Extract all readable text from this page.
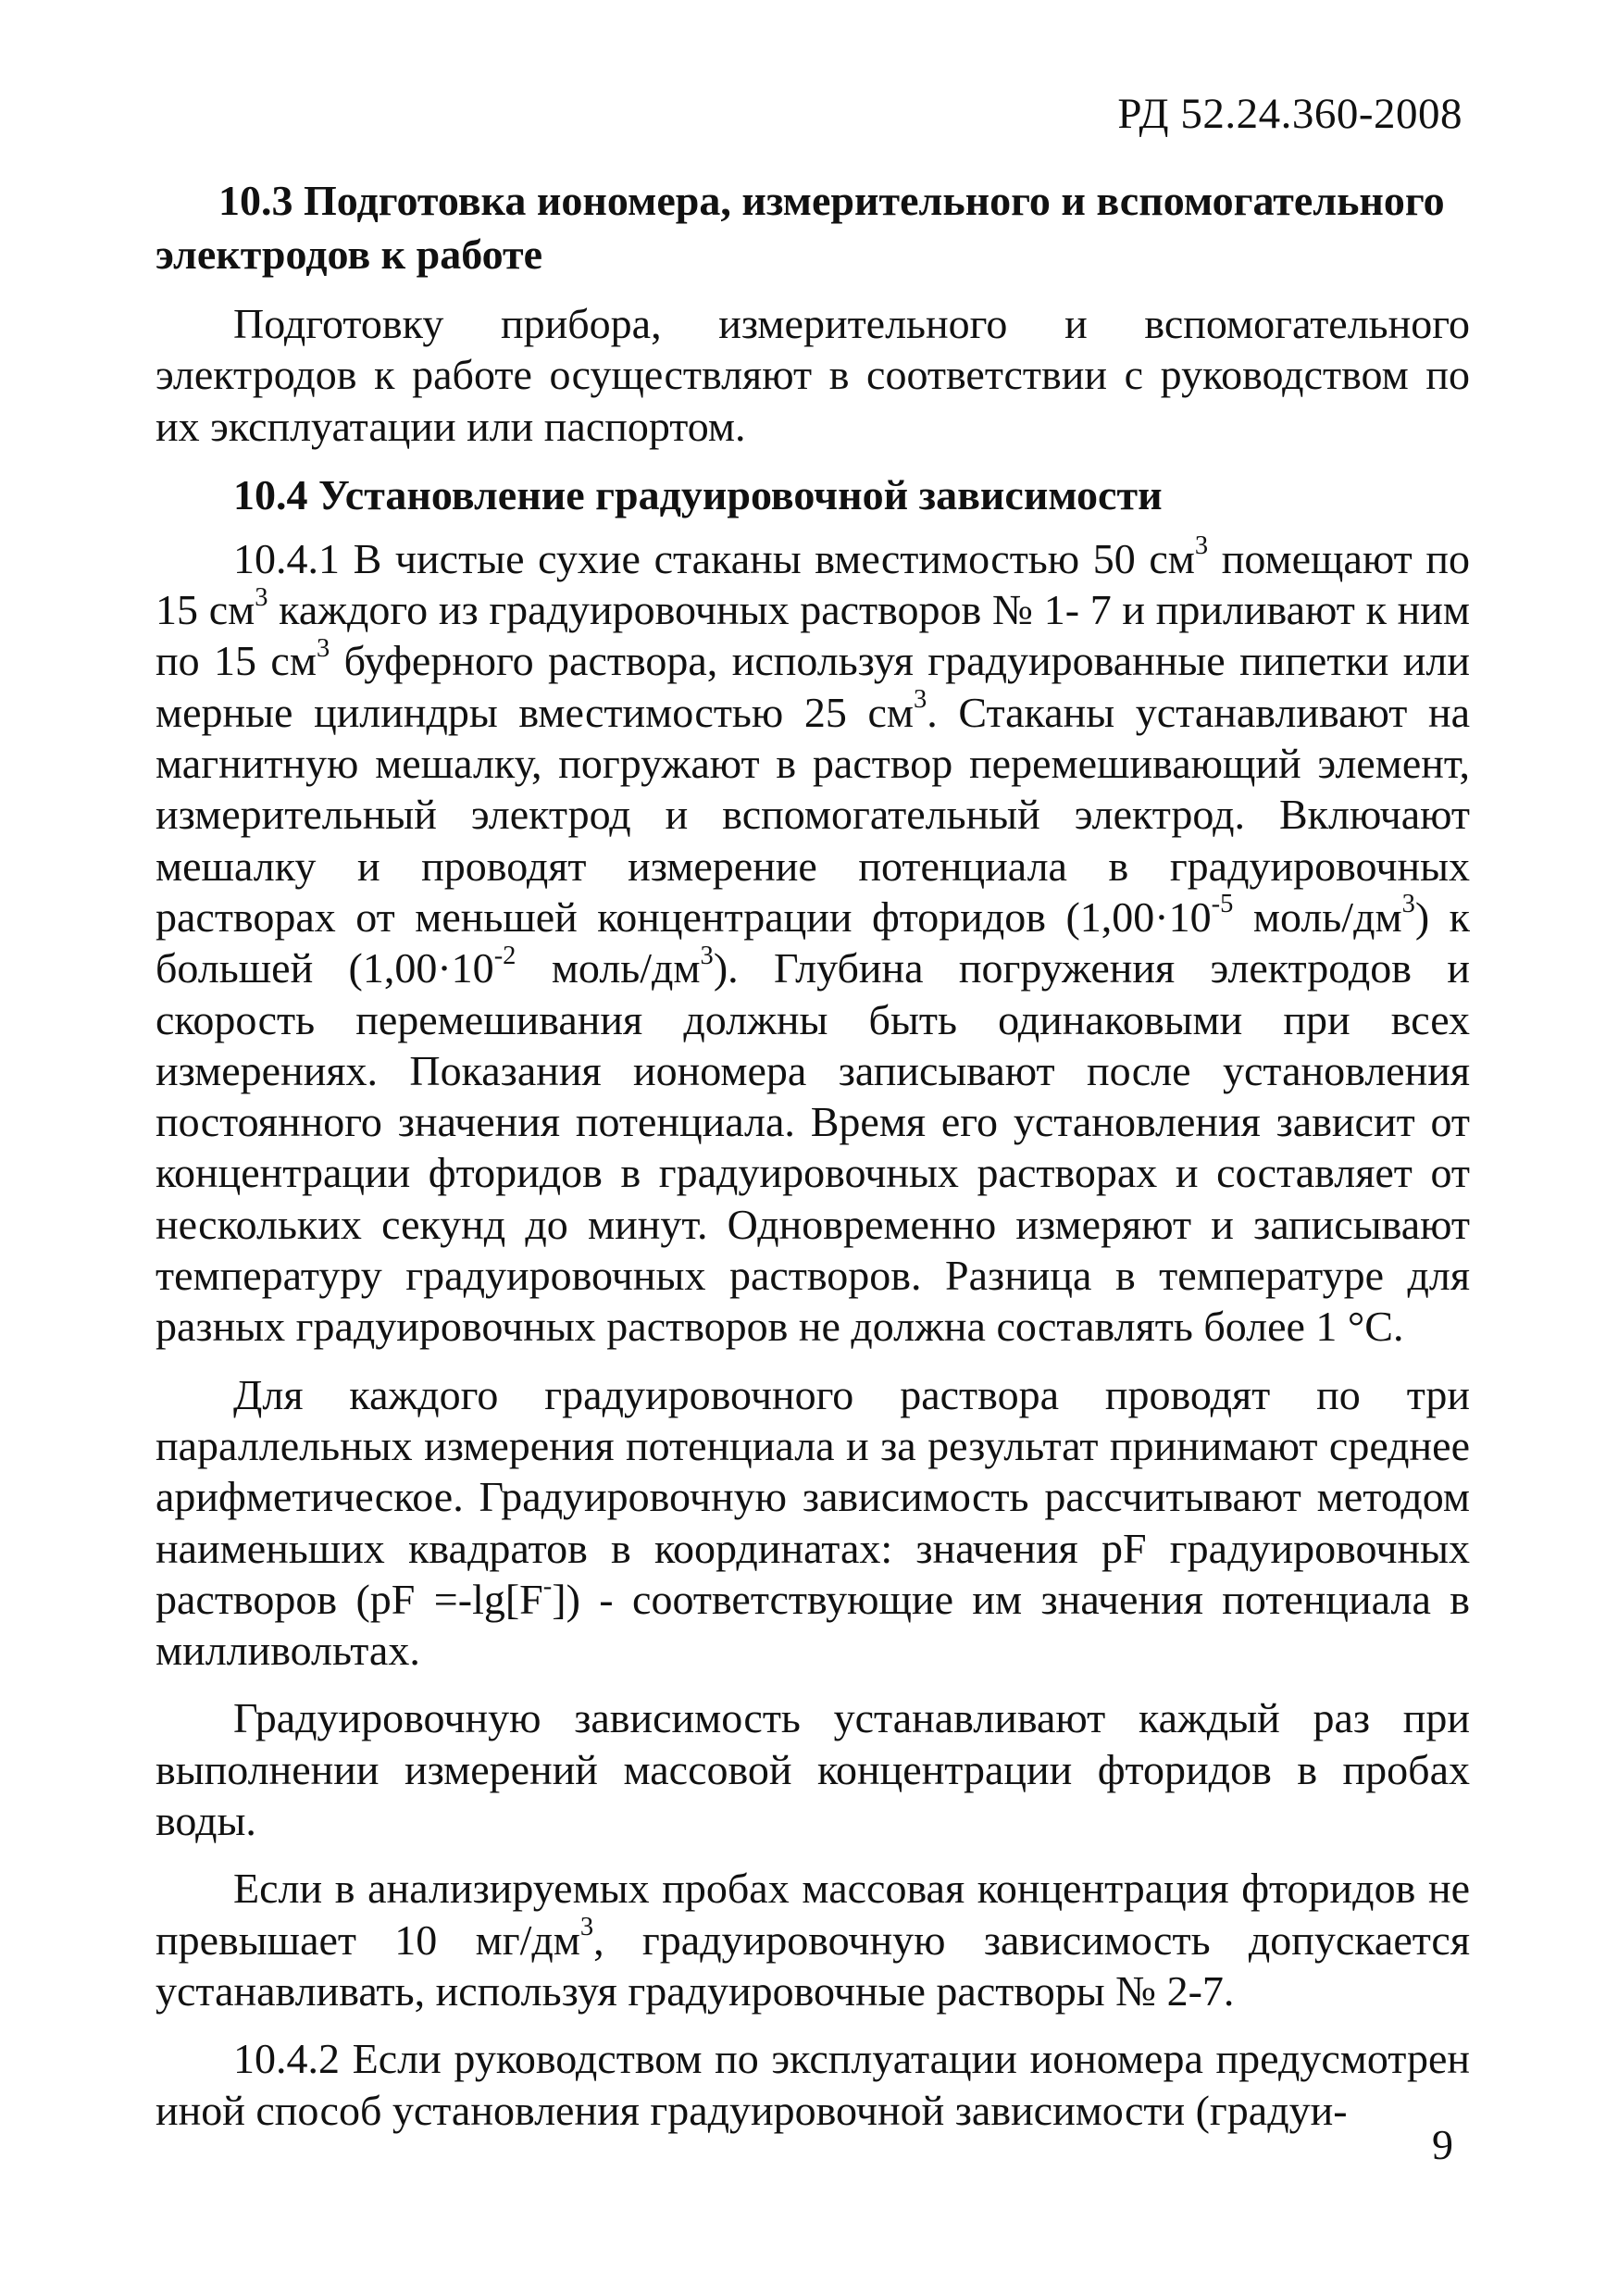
РД 52.24.360-2008
10.3 Подготовка иономера, измерительного и вспомогательного электродов к работе

Подготовку прибора, измерительного и вспомогательного электродов к работе осуществляют в соответствии с руководством по их эксплуатации или паспортом.

10.4 Установление градуировочной зависимости

10.4.1 В чистые сухие стаканы вместимостью 50 $см^3$ помещают по 15 $см^3$ каждого из градуировочных растворов № 1- 7 и приливают к ним по 15 $см^3$ буферного раствора, используя градуированные пипетки или мерные цилиндры вместимостью 25 $см^3$. Стаканы устанавливают на магнитную мешалку, погружают в раствор перемешивающий элемент, измерительный электрод и вспомогательный электрод. Включают мешалку и проводят измерение потенциала в градуировочных растворах от меньшей концентрации фторидов ($1,00\cdot 10^{-5}$ моль/$дм^3$) к большей ($1,00\cdot 10^{-2}$ моль/$дм^3$). Глубина погружения электродов и скорость перемешивания должны быть одинаковыми при всех измерениях. Показания иономера записывают после установления постоянного значения потенциала. Время его установления зависит от концентрации фторидов в градуировочных растворах и составляет от нескольких секунд до минут. Одновременно измеряют и записывают температуру градуировочных растворов. Разница в температуре для разных градуировочных растворов не должна составлять более 1 °С.

Для каждого градуировочного раствора проводят по три параллельных измерения потенциала и за результат принимают среднее арифметическое. Градуировочную зависимость рассчитывают методом наименьших квадратов в координатах: значения pF градуировочных растворов (pF =-lg[F-]) - соответствующие им значения потенциала в милливольтах.

Градуировочную зависимость устанавливают каждый раз при выполнении измерений массовой концентрации фторидов в пробах воды.

Если в анализируемых пробах массовая концентрация фторидов не превышает 10 $мг/дм^3$, градуировочную зависимость допускается устанавливать, используя градуировочные растворы № 2-7.

10.4.2 Если руководством по эксплуатации иономера предусмотрен иной способ установления градуировочной зависимости (градуи-

9
